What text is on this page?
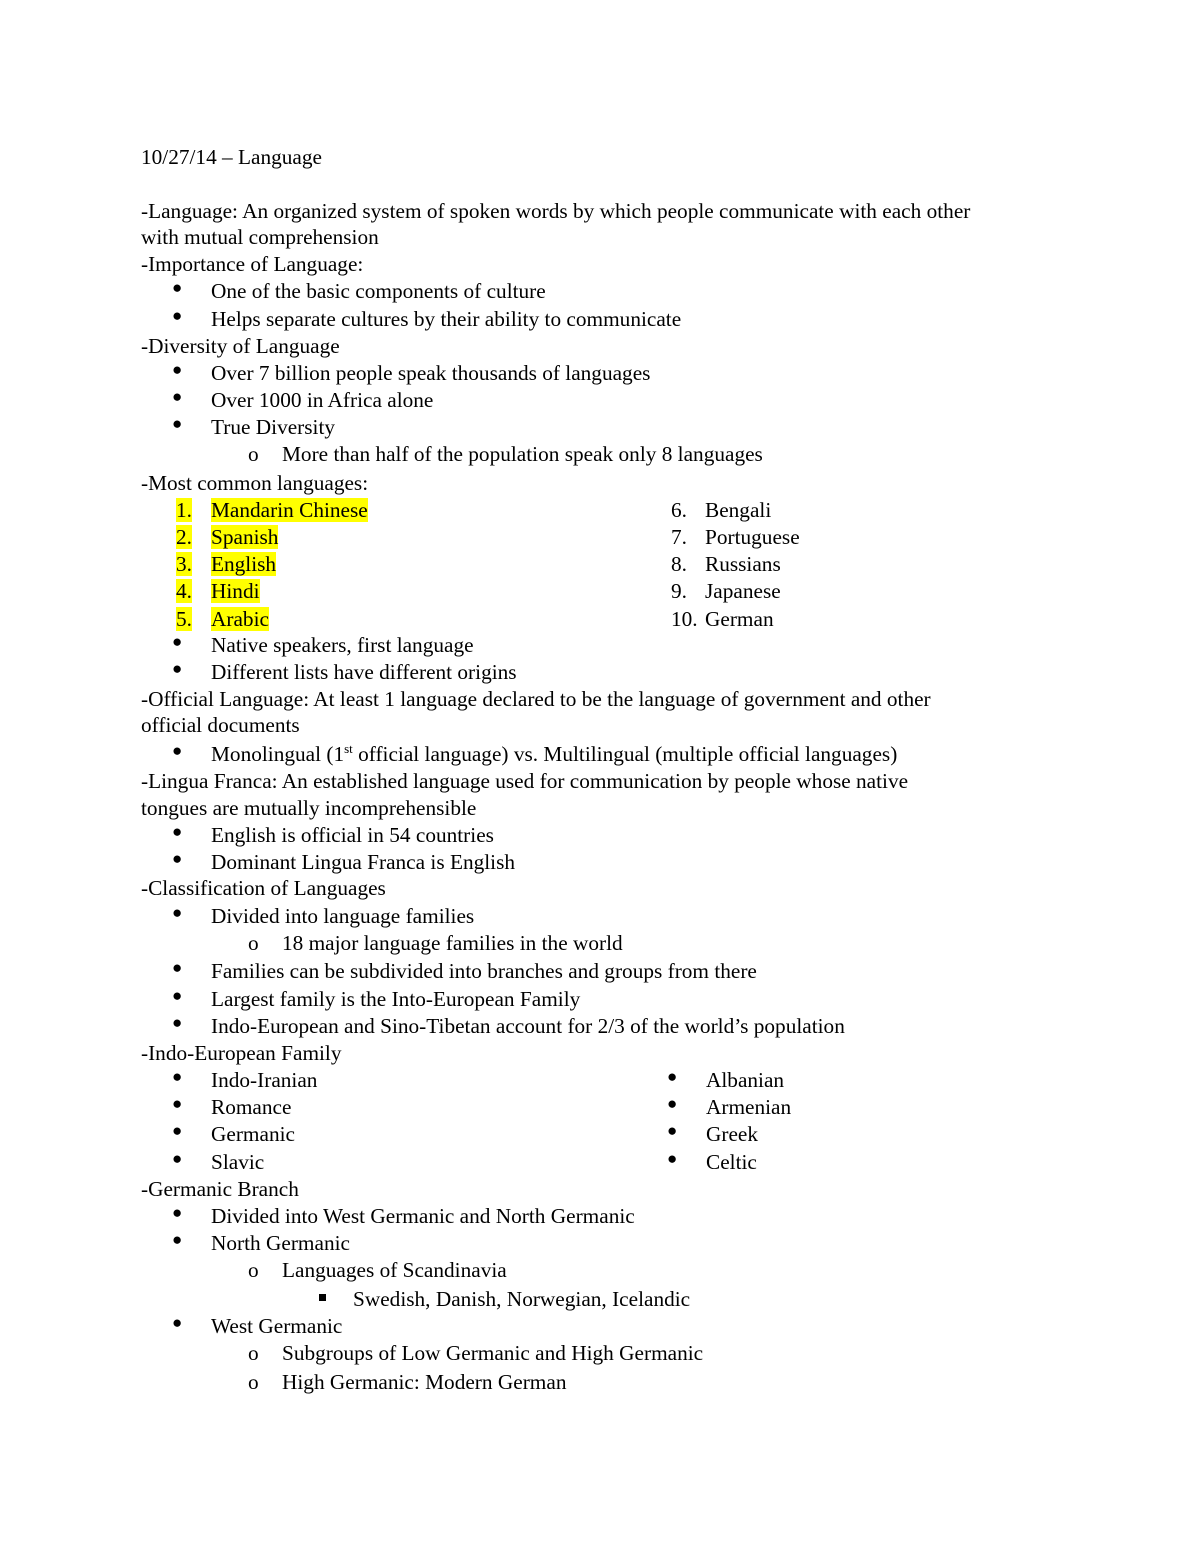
10/27/14 – Language
-Language: An organized system of spoken words by which people communicate with each other
with mutual comprehension
-Importance of Language:
● One of the basic components of culture
● Helps separate cultures by their ability to communicate
-Diversity of Language
● Over 7 billion people speak thousands of languages
● Over 1000 in Africa alone
● True Diversity
o More than half of the population speak only 8 languages
-Most common languages:
1. Mandarin Chinese
2. Spanish
3. English
4. Hindi
5. Arabic
6. Bengali
7. Portuguese
8. Russians
9. Japanese
10. German
● Native speakers, first language
● Different lists have different origins
-Official Language: At least 1 language declared to be the language of government and other
official documents
● Monolingual (1st official language) vs. Multilingual (multiple official languages)
-Lingua Franca: An established language used for communication by people whose native
tongues are mutually incomprehensible
● English is official in 54 countries
● Dominant Lingua Franca is English
-Classification of Languages
● Divided into language families
o 18 major language families in the world
● Families can be subdivided into branches and groups from there
● Largest family is the Into-European Family
● Indo-European and Sino-Tibetan account for 2/3 of the world’s population
-Indo-European Family
● Indo-Iranian
● Romance
● Germanic
● Slavic
● Albanian
● Armenian
● Greek
● Celtic
-Germanic Branch
● Divided into West Germanic and North Germanic
● North Germanic
o Languages of Scandinavia
Swedish, Danish, Norwegian, Icelandic
● West Germanic
o Subgroups of Low Germanic and High Germanic
o High Germanic: Modern German
